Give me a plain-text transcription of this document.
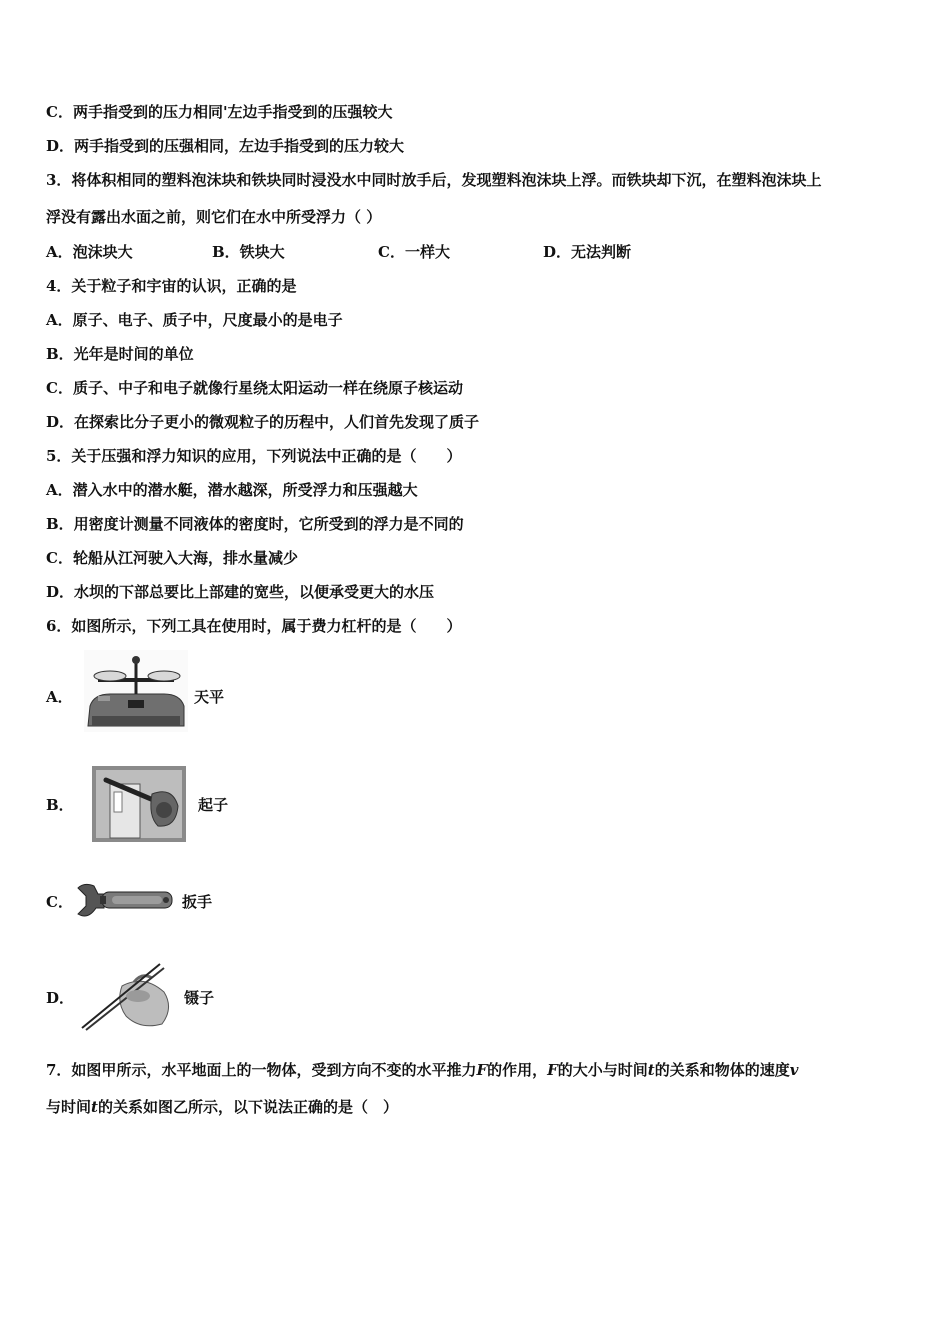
C．两手指受到的压力相同'左边手指受到的压强较大
D．两手指受到的压强相同，左边手指受到的压力较大
3．将体积相同的塑料泡沫块和铁块同时浸没水中同时放手后，发现塑料泡沫块上浮。而铁块却下沉，在塑料泡沫块上
浮没有露出水面之前，则它们在水中所受浮力（ ）
A．泡沫块大	B．铁块大	C．一样大	D．无法判断
4．关于粒子和宇宙的认识，正确的是
A．原子、电子、质子中，尺度最小的是电子
B．光年是时间的单位
C．质子、中子和电子就像行星绕太阳运动一样在绕原子核运动
D．在探索比分子更小的微观粒子的历程中，人们首先发现了质子
5．关于压强和浮力知识的应用，下列说法中正确的是（　　）
A．潜入水中的潜水艇，潜水越深，所受浮力和压强越大
B．用密度计测量不同液体的密度时，它所受到的浮力是不同的
C．轮船从江河驶入大海，排水量减少
D．水坝的下部总要比上部建的宽些，以便承受更大的水压
6．如图所示，下列工具在使用时，属于费力杠杆的是（　　）
A．	天平
B．	起子
C．	扳手
D．	镊子
7．如图甲所示，水平地面上的一物体，受到方向不变的水平推力F的作用，F的大小与时间t的关系和物体的速度v
与时间t的关系如图乙所示，以下说法正确的是（　）
